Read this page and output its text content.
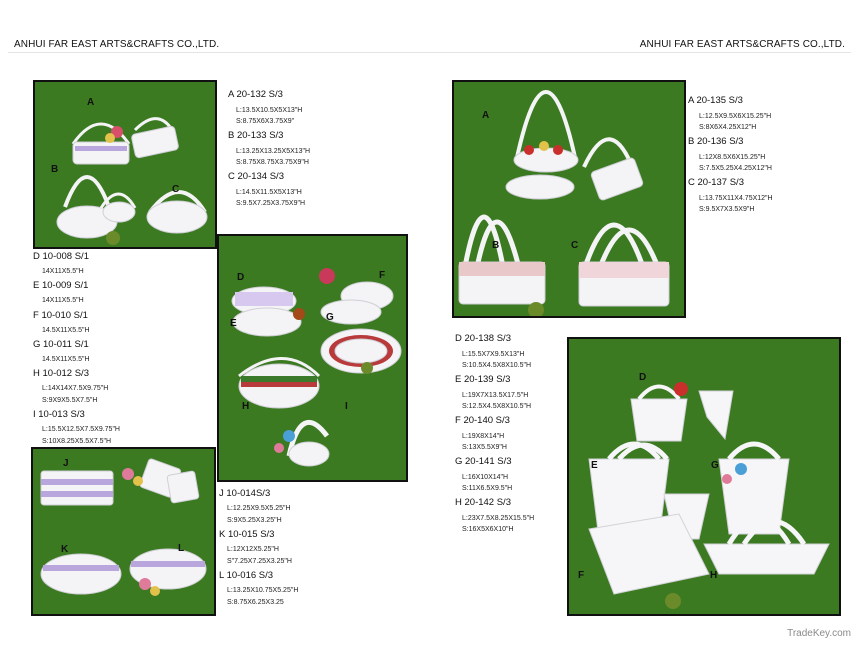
ANHUI FAR EAST ARTS&CRAFTS CO.,LTD.	ANHUI FAR EAST ARTS&CRAFTS CO.,LTD.
A
B
C
A 20-132 S/3
L:13.5X10.5X5X13"H
S:8.75X6X3.75X9"
B 20-133 S/3
L:13.25X13.25X5X13"H
S:8.75X8.75X3.75X9"H
C 20-134 S/3
L:14.5X11.5X5X13"H
S:9.5X7.25X3.75X9"H
D 10-008 S/1
14X11X5.5"H
E 10-009 S/1
14X11X5.5"H
F 10-010 S/1
14.5X11X5.5"H
G 10-011 S/1
14.5X11X5.5"H
H 10-012 S/3
L:14X14X7.5X9.75"H
S:9X9X5.5X7.5"H
I 10-013 S/3
L:15.5X12.5X7.5X9.75"H
S:10X8.25X5.5X7.5"H
D	F
E
G
H	I
J
K	L
J 10-014S/3
L:12.25X9.5X5.25"H
S:9X5.25X3.25"H
K 10-015 S/3
L:12X12X5.25"H
S"7.25X7.25X3.25"H
L 10-016 S/3
L:13.25X10.75X5.25"H
S:8.75X6.25X3.25
A
B	C
A 20-135 S/3
L:12.5X9.5X6X15.25"H
S:8X6X4.25X12"H
B 20-136 S/3
L:12X8.5X6X15.25"H
S:7.5X5.25X4.25X12"H
C 20-137 S/3
L:13.75X11X4.75X12"H
S:9.5X7X3.5X9"H
D 20-138 S/3
L:15.5X7X9.5X13"H
S:10.5X4.5X8X10.5"H
E 20-139 S/3
L:19X7X13.5X17.5"H
S:12.5X4.5X8X10.5"H
F 20-140 S/3
L:19X8X14"H
S:13X5.5X9"H
G 20-141 S/3
L:16X10X14"H
S:11X6.5X9.5"H
H 20-142 S/3
L:23X7.5X8.25X15.5"H
S:16X5X6X10"H
D
E	G
F	H
TradeKey.com
